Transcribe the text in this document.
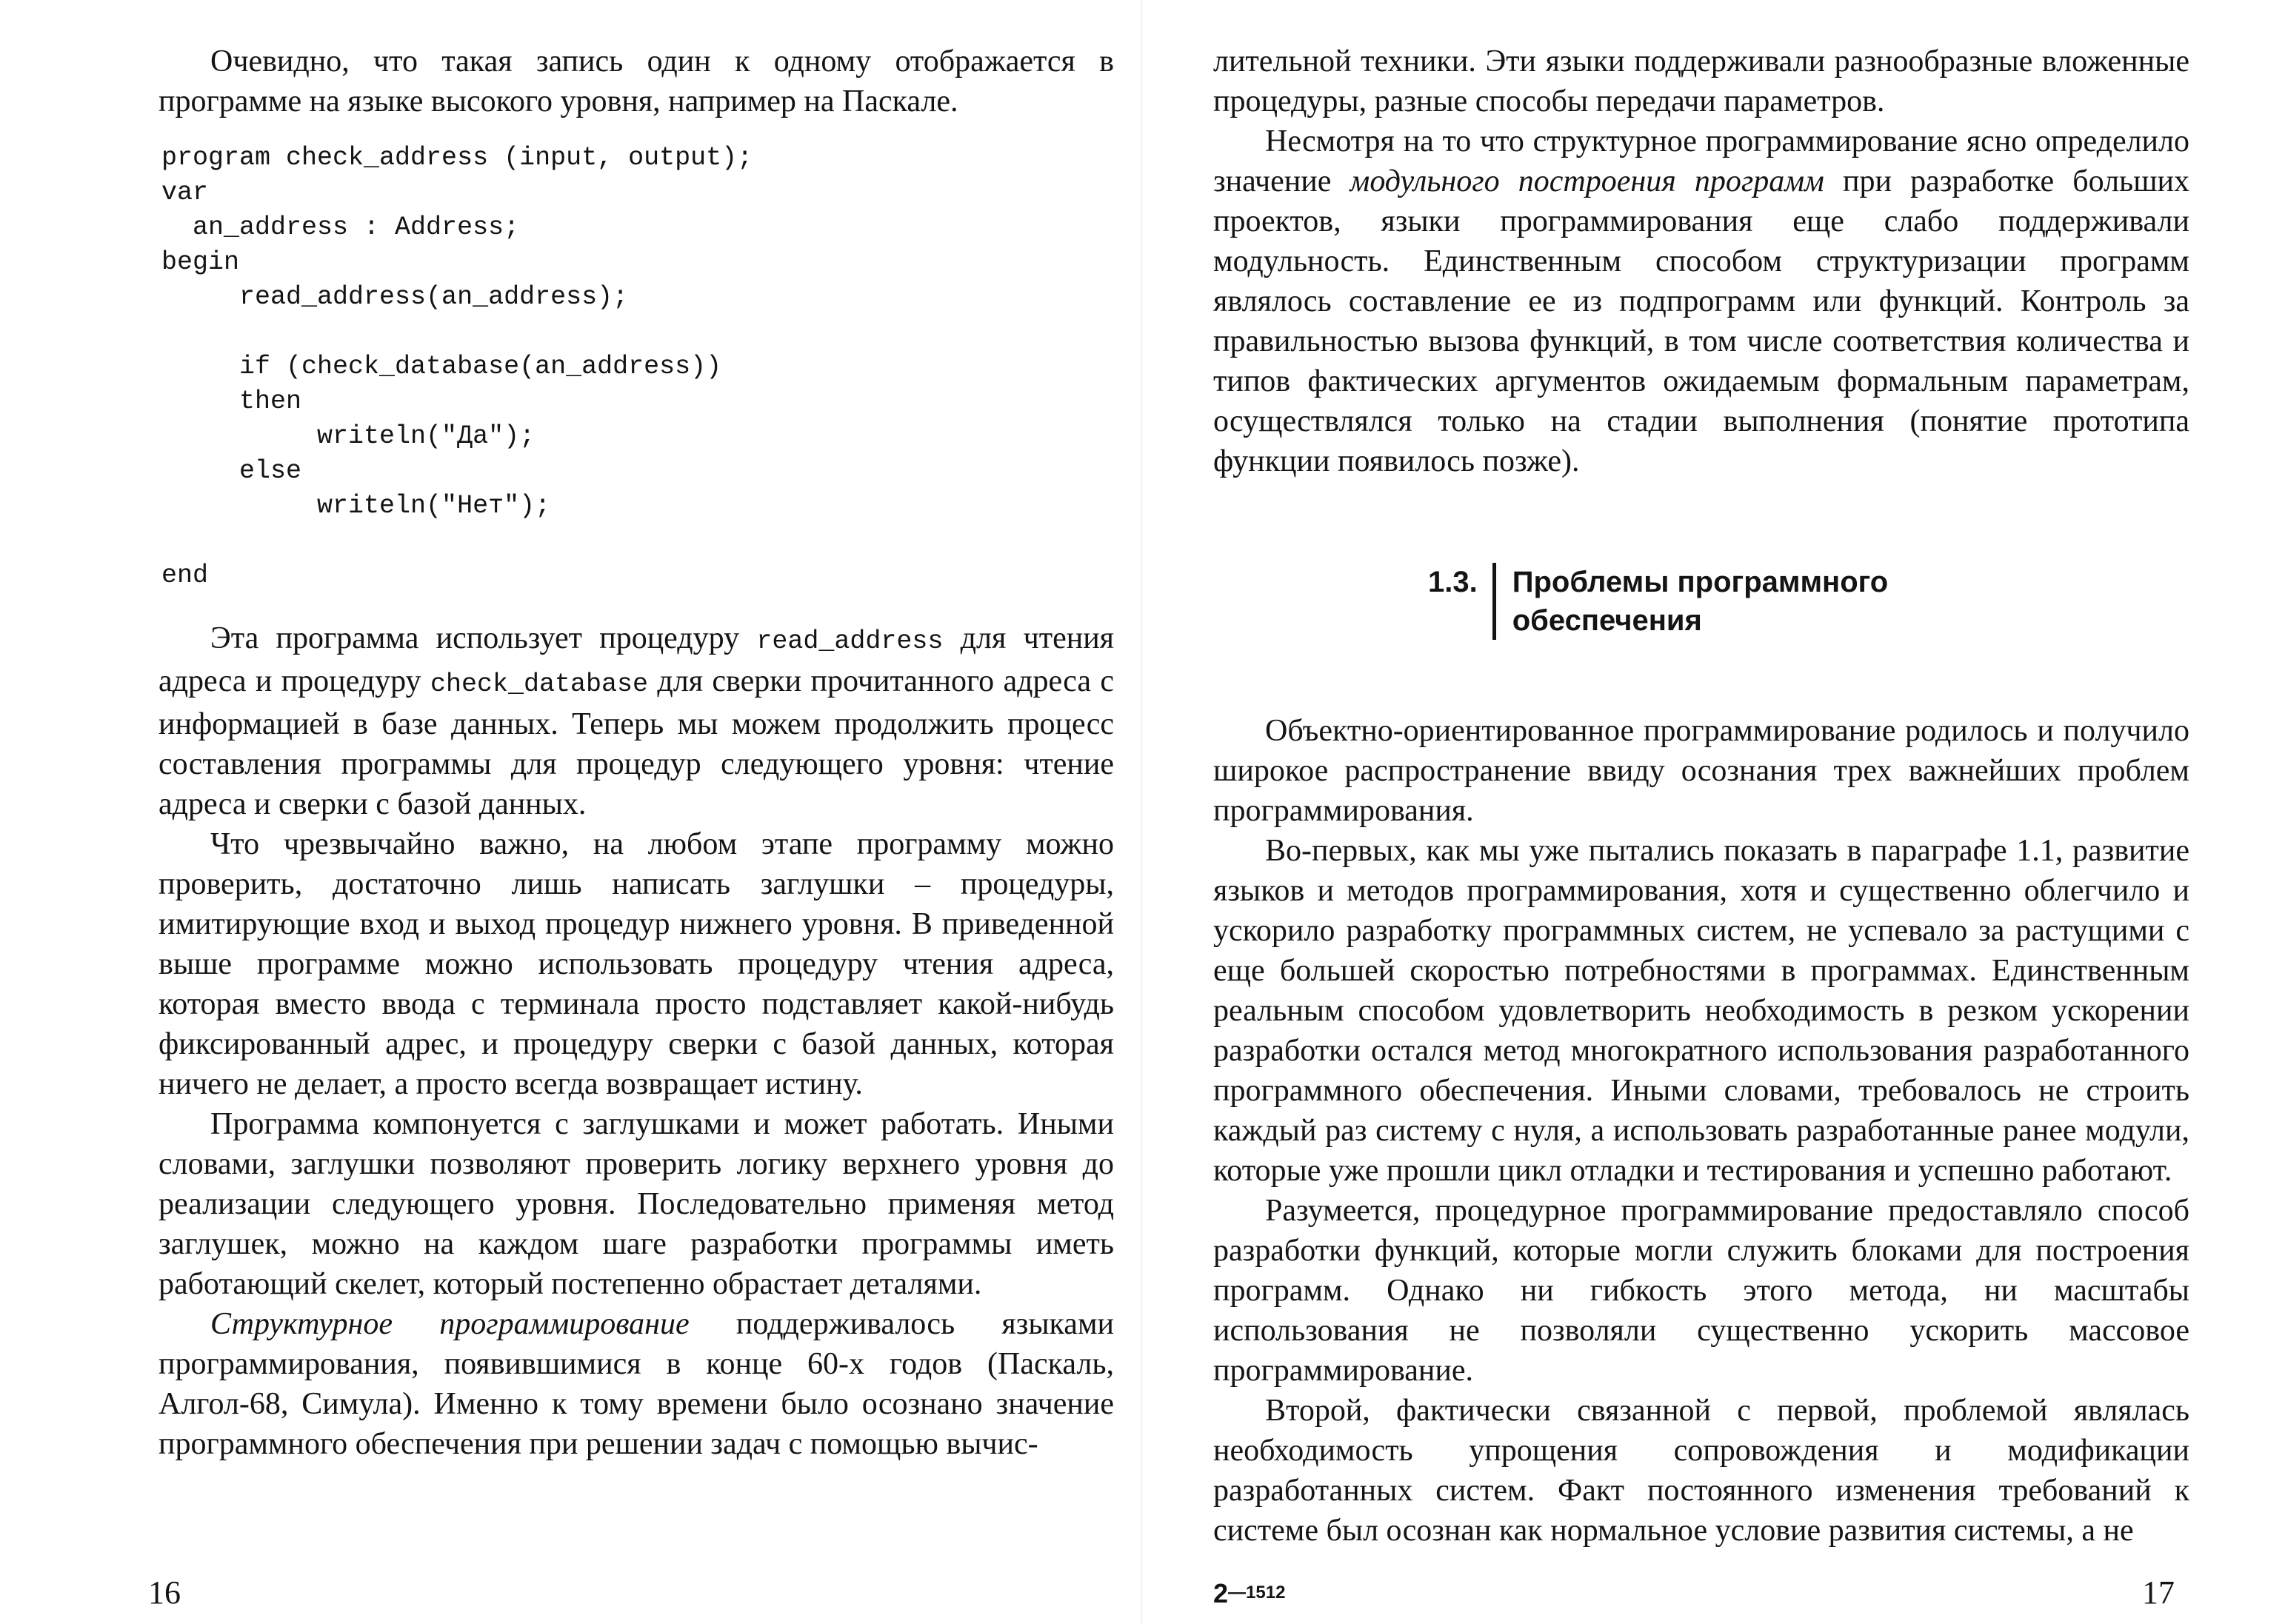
Очевидно, что такая запись один к одному отображается в программе на языке высокого уровня, например на Паскале.

program check_address (input, output);
var
an_address : Address;
begin
read_address(an_address);

if (check_database(an_address))
then
writeln("Да");
else
writeln("Нет");

end

Эта программа использует процедуру read_address для чтения адреса и процедуру check_database для сверки прочитанного адреса с информацией в базе данных. Теперь мы можем продолжить процесс составления программы для процедур следующего уровня: чтение адреса и сверки с базой данных.

Что чрезвычайно важно, на любом этапе программу можно проверить, достаточно лишь написать заглушки – процедуры, имитирующие вход и выход процедур нижнего уровня. В приведенной выше программе можно использовать процедуру чтения адреса, которая вместо ввода с терминала просто подставляет какой-нибудь фиксированный адрес, и процедуру сверки с базой данных, которая ничего не делает, а просто всегда возвращает истину.

Программа компонуется с заглушками и может работать. Иными словами, заглушки позволяют проверить логику верхнего уровня до реализации следующего уровня. Последовательно применяя метод заглушек, можно на каждом шаге разработки программы иметь работающий скелет, который постепенно обрастает деталями.

Структурное программирование поддерживалось языками программирования, появившимися в конце 60-х годов (Паскаль, Алгол-68, Симула). Именно к тому времени было осознано значение программного обеспечения при решении задач с помощью вычис-

16

лительной техники. Эти языки поддерживали разнообразные вложенные процедуры, разные способы передачи параметров.

Несмотря на то что структурное программирование ясно определило значение модульного построения программ при разработке больших проектов, языки программирования еще слабо поддерживали модульность. Единственным способом структуризации программ являлось составление ее из подпрограмм или функций. Контроль за правильностью вызова функций, в том числе соответствия количества и типов фактических аргументов ожидаемым формальным параметрам, осуществлялся только на стадии выполнения (понятие прототипа функции появилось позже).

1.3.	Проблемы программного обеспечения

Объектно-ориентированное программирование родилось и получило широкое распространение ввиду осознания трех важнейших проблем программирования.

Во-первых, как мы уже пытались показать в параграфе 1.1, развитие языков и методов программирования, хотя и существенно облегчило и ускорило разработку программных систем, не успевало за растущими с еще большей скоростью потребностями в программах. Единственным реальным способом удовлетворить необходимость в резком ускорении разработки остался метод многократного использования разработанного программного обеспечения. Иными словами, требовалось не строить каждый раз систему с нуля, а использовать разработанные ранее модули, которые уже прошли цикл отладки и тестирования и успешно работают.

Разумеется, процедурное программирование предоставляло способ разработки функций, которые могли служить блоками для построения программ. Однако ни гибкость этого метода, ни масштабы использования не позволяли существенно ускорить массовое программирование.

Второй, фактически связанной с первой, проблемой являлась необходимость упрощения сопровождения и модификации разработанных систем. Факт постоянного изменения требований к системе был осознан как нормальное условие развития системы, а не

2—1512	17
